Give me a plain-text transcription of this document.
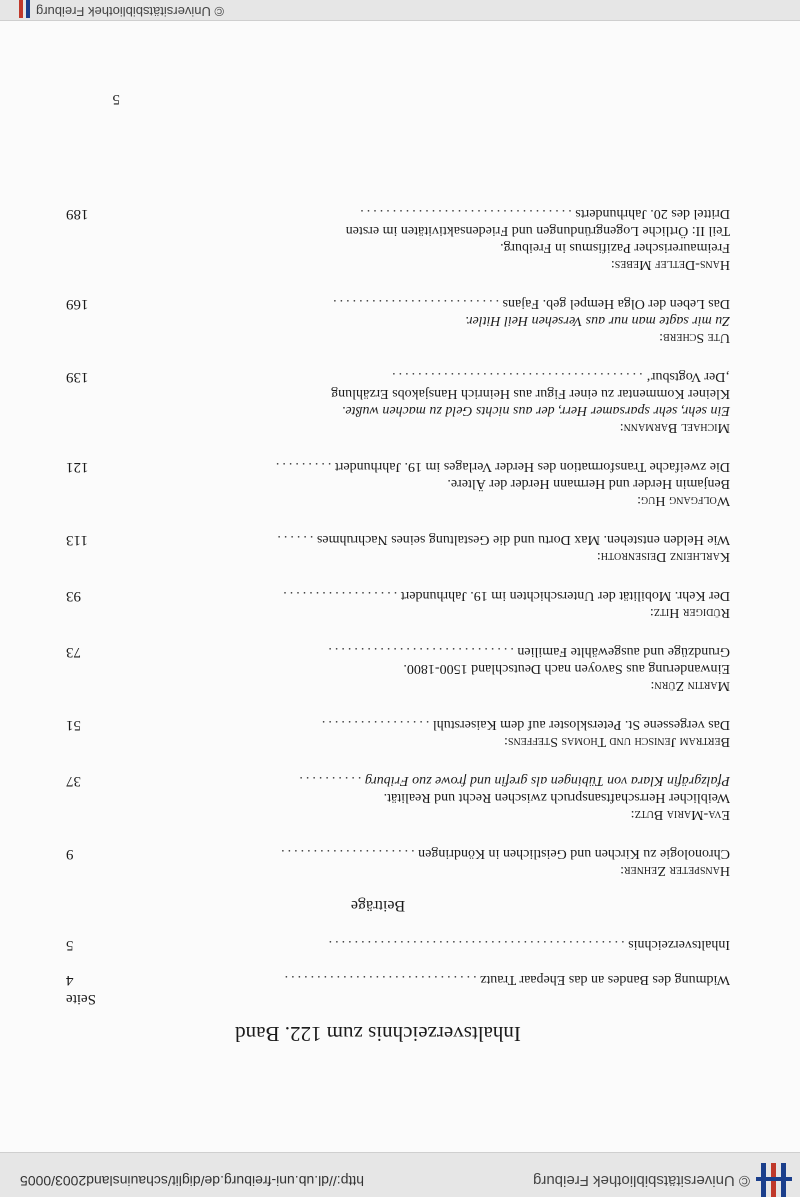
© Universitätsbibliothek Freiburg
http://dl.ub.uni-freiburg.de/diglit/schauinsland2003/0005
Inhaltsverzeichnis zum 122. Band
Seite
Widmung des Bandes an das Ehepaar Trautz ..............................
4
Inhaltsverzeichnis ..............................................
5
Beiträge
Hanspeter Zehner:
Chronologie zu Kirchen und Geistlichen in Köndringen .....................
9
Eva-Maria Butz:
Weiblicher Herrschaftsanspruch zwischen Recht und Realität.
Pfalzgräfin Klara von Tübingen als grefin und frowe zuo Friburg ..........
37
Bertram Jenisch und Thomas Steffens:
Das vergessene St. Peterskloster auf dem Kaiserstuhl .................
51
Martin Zürn:
Einwanderung aus Savoyen nach Deutschland 1500-1800.
Grundzüge und ausgewählte Familien .............................
73
Rüdiger Hitz:
Der Kehr. Mobilität der Unterschichten im 19. Jahrhundert ..................
93
Karlheinz Deisenroth:
Wie Helden entstehen. Max Dortu und die Gestaltung seines Nachruhmes ......
113
Wolfgang Hug:
Benjamin Herder und Hermann Herder der Ältere.
Die zweifache Transformation des Herder Verlages im 19. Jahrhundert .........
121
Michael Barmann:
Ein sehr, sehr sparsamer Herr, der aus nichts Geld zu machen wußte.
Kleiner Kommentar zu einer Figur aus Heinrich Hansjakobs Erzählung
‚Der Vogtsbur‘ .......................................
139
Ute Scherb:
Zu mir sagte man nur aus Versehen Heil Hitler.
Das Leben der Olga Hempel geb. Fajans ..........................
169
Hans-Detlef Mebes:
Freimaurerischer Pazifismus in Freiburg.
Teil II: Örtliche Logengründungen und Friedensaktivitäten im ersten
Drittel des 20. Jahrhunderts .................................
189
5
© Universitätsbibliothek Freiburg
